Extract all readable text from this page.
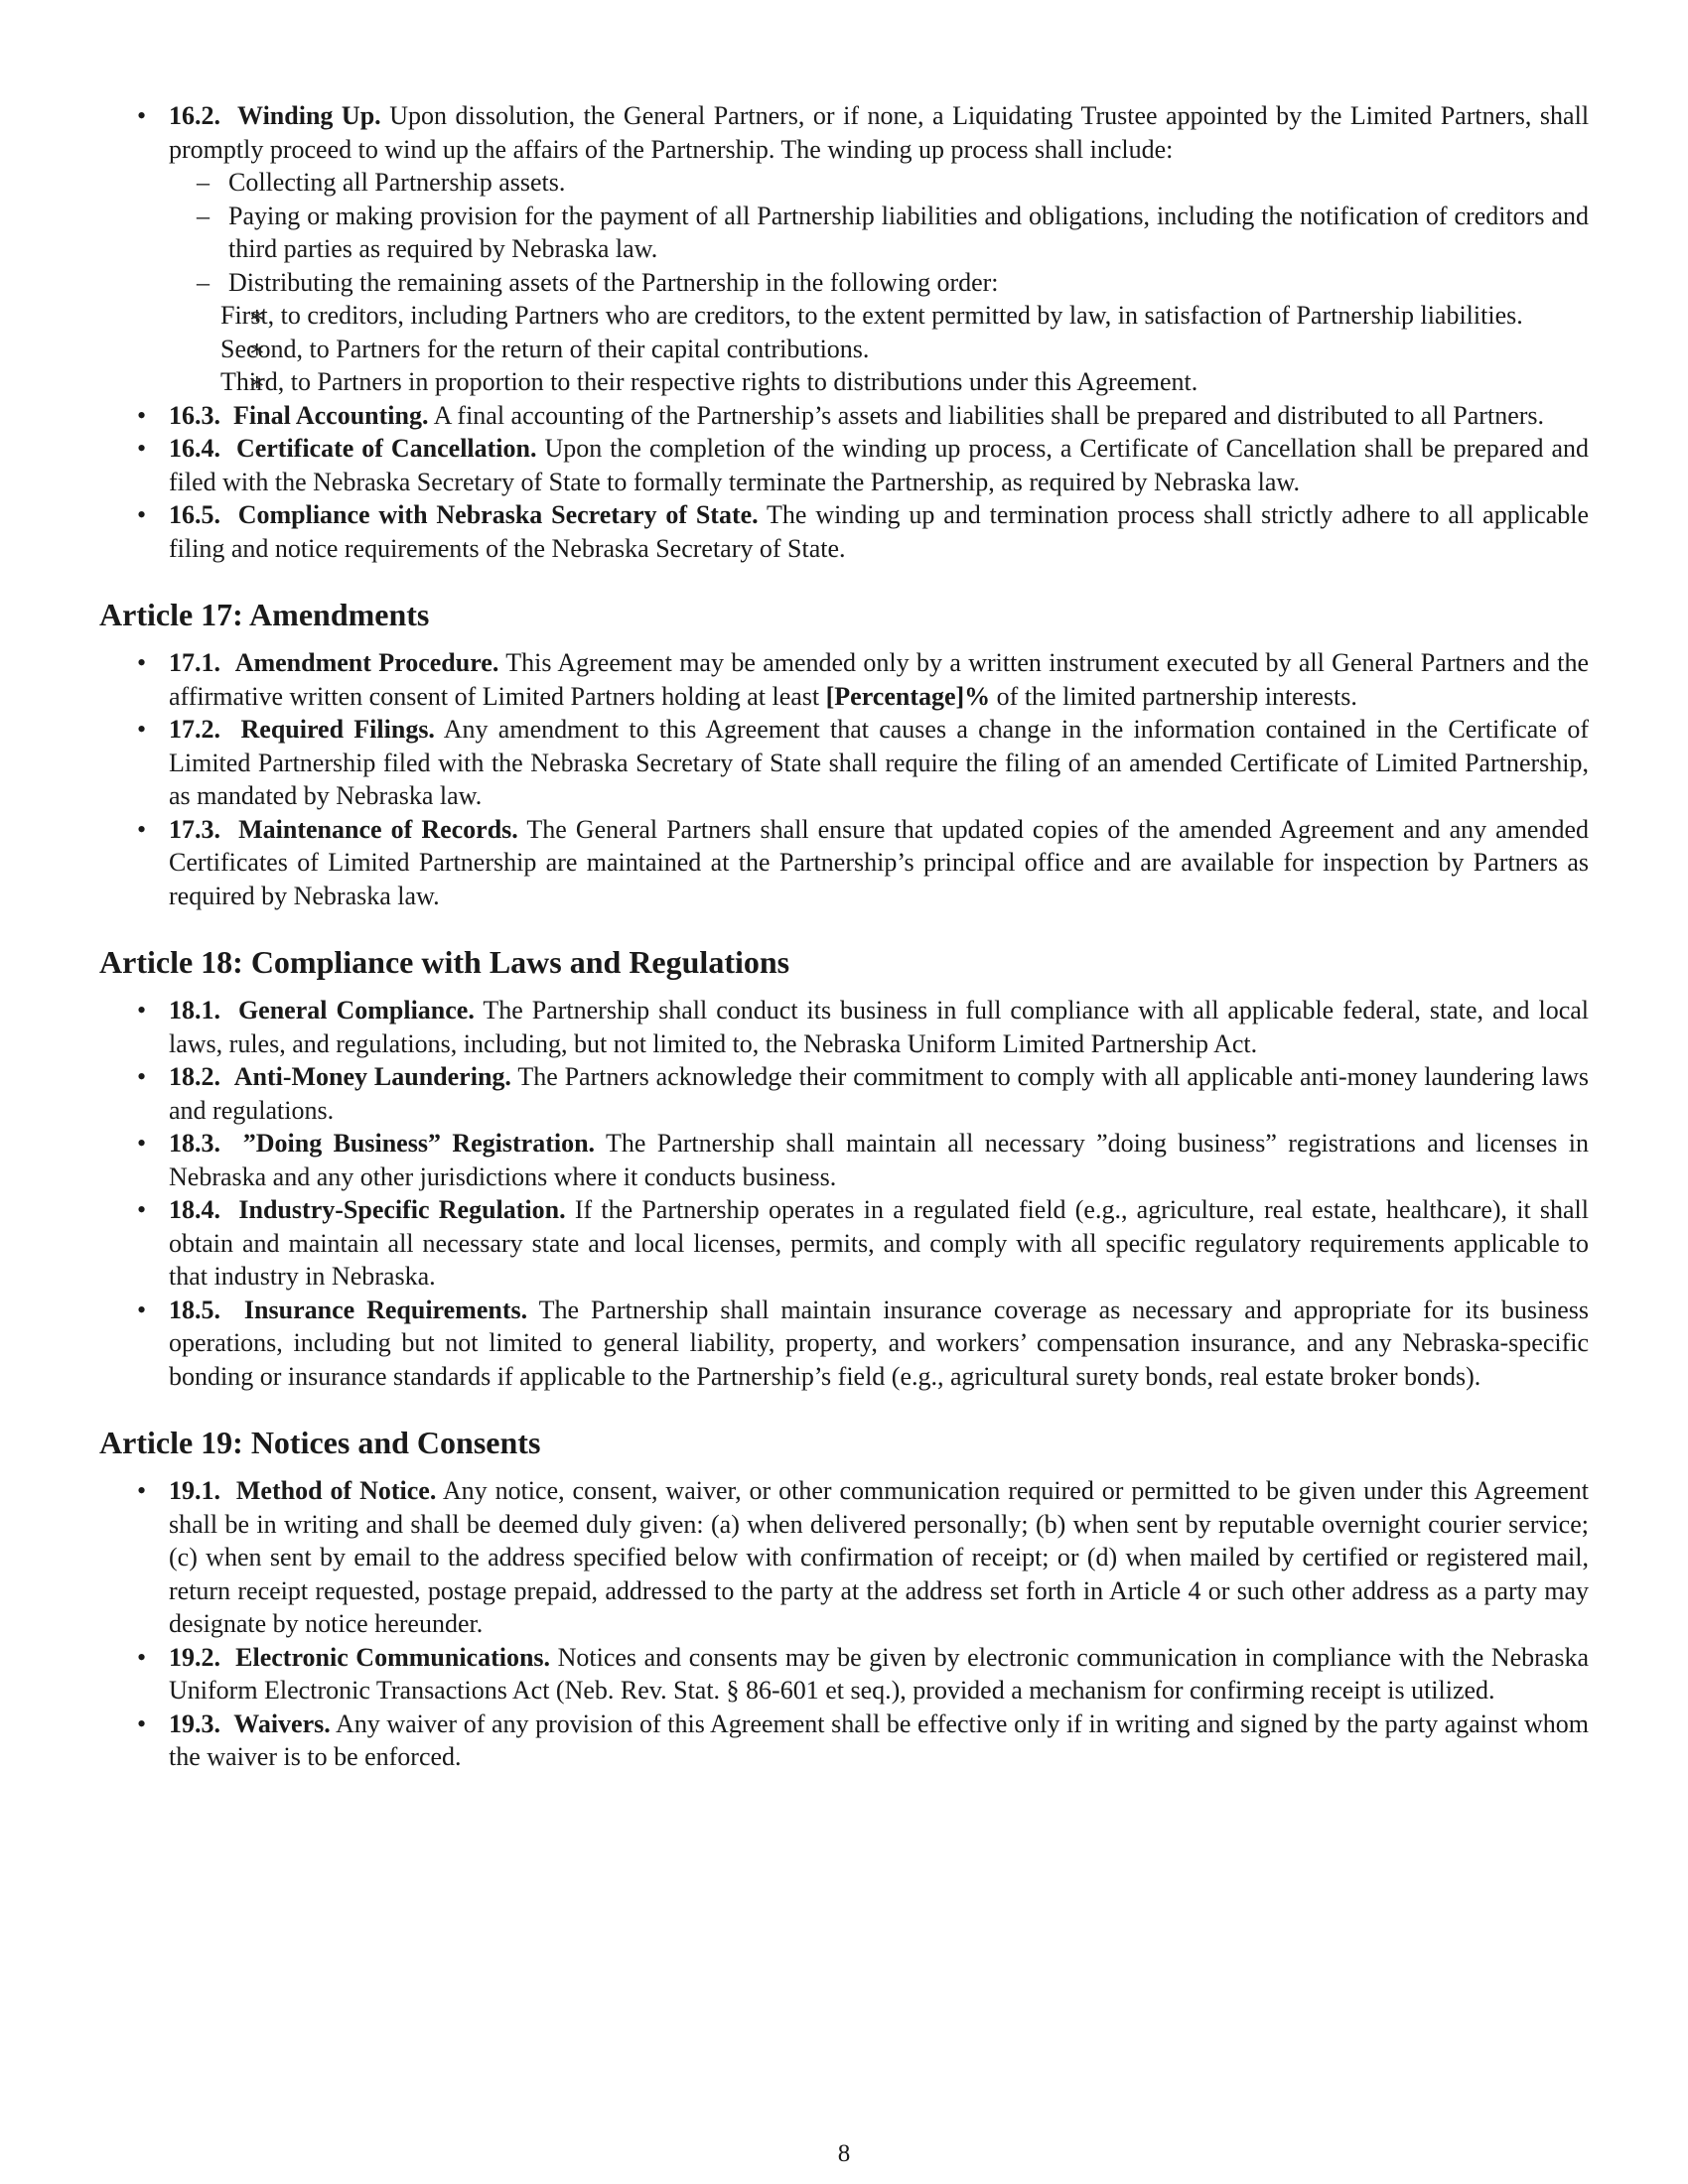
• 16.2. Winding Up. Upon dissolution, the General Partners, or if none, a Liquidating Trustee appointed by the Limited Partners, shall promptly proceed to wind up the affairs of the Partnership. The winding up process shall include:
– Collecting all Partnership assets.
– Paying or making provision for the payment of all Partnership liabilities and obligations, including the notification of creditors and third parties as required by Nebraska law.
– Distributing the remaining assets of the Partnership in the following order:
∗ First, to creditors, including Partners who are creditors, to the extent permitted by law, in satisfaction of Partnership liabilities.
∗ Second, to Partners for the return of their capital contributions.
∗ Third, to Partners in proportion to their respective rights to distributions under this Agreement.
• 16.3. Final Accounting. A final accounting of the Partnership’s assets and liabilities shall be prepared and distributed to all Partners.
• 16.4. Certificate of Cancellation. Upon the completion of the winding up process, a Certificate of Cancellation shall be prepared and filed with the Nebraska Secretary of State to formally terminate the Partnership, as required by Nebraska law.
• 16.5. Compliance with Nebraska Secretary of State. The winding up and termination process shall strictly adhere to all applicable filing and notice requirements of the Nebraska Secretary of State.
Article 17: Amendments
• 17.1. Amendment Procedure. This Agreement may be amended only by a written instrument executed by all General Partners and the affirmative written consent of Limited Partners holding at least [Percentage]% of the limited partnership interests.
• 17.2. Required Filings. Any amendment to this Agreement that causes a change in the information contained in the Certificate of Limited Partnership filed with the Nebraska Secretary of State shall require the filing of an amended Certificate of Limited Partnership, as mandated by Nebraska law.
• 17.3. Maintenance of Records. The General Partners shall ensure that updated copies of the amended Agreement and any amended Certificates of Limited Partnership are maintained at the Partnership’s principal office and are available for inspection by Partners as required by Nebraska law.
Article 18: Compliance with Laws and Regulations
• 18.1. General Compliance. The Partnership shall conduct its business in full compliance with all applicable federal, state, and local laws, rules, and regulations, including, but not limited to, the Nebraska Uniform Limited Partnership Act.
• 18.2. Anti-Money Laundering. The Partners acknowledge their commitment to comply with all applicable anti-money laundering laws and regulations.
• 18.3. ”Doing Business” Registration. The Partnership shall maintain all necessary ”doing business” registrations and licenses in Nebraska and any other jurisdictions where it conducts business.
• 18.4. Industry-Specific Regulation. If the Partnership operates in a regulated field (e.g., agriculture, real estate, healthcare), it shall obtain and maintain all necessary state and local licenses, permits, and comply with all specific regulatory requirements applicable to that industry in Nebraska.
• 18.5. Insurance Requirements. The Partnership shall maintain insurance coverage as necessary and appropriate for its business operations, including but not limited to general liability, property, and workers’ compensation insurance, and any Nebraska-specific bonding or insurance standards if applicable to the Partnership’s field (e.g., agricultural surety bonds, real estate broker bonds).
Article 19: Notices and Consents
• 19.1. Method of Notice. Any notice, consent, waiver, or other communication required or permitted to be given under this Agreement shall be in writing and shall be deemed duly given: (a) when delivered personally; (b) when sent by reputable overnight courier service; (c) when sent by email to the address specified below with confirmation of receipt; or (d) when mailed by certified or registered mail, return receipt requested, postage prepaid, addressed to the party at the address set forth in Article 4 or such other address as a party may designate by notice hereunder.
• 19.2. Electronic Communications. Notices and consents may be given by electronic communication in compliance with the Nebraska Uniform Electronic Transactions Act (Neb. Rev. Stat. § 86-601 et seq.), provided a mechanism for confirming receipt is utilized.
• 19.3. Waivers. Any waiver of any provision of this Agreement shall be effective only if in writing and signed by the party against whom the waiver is to be enforced.
8
